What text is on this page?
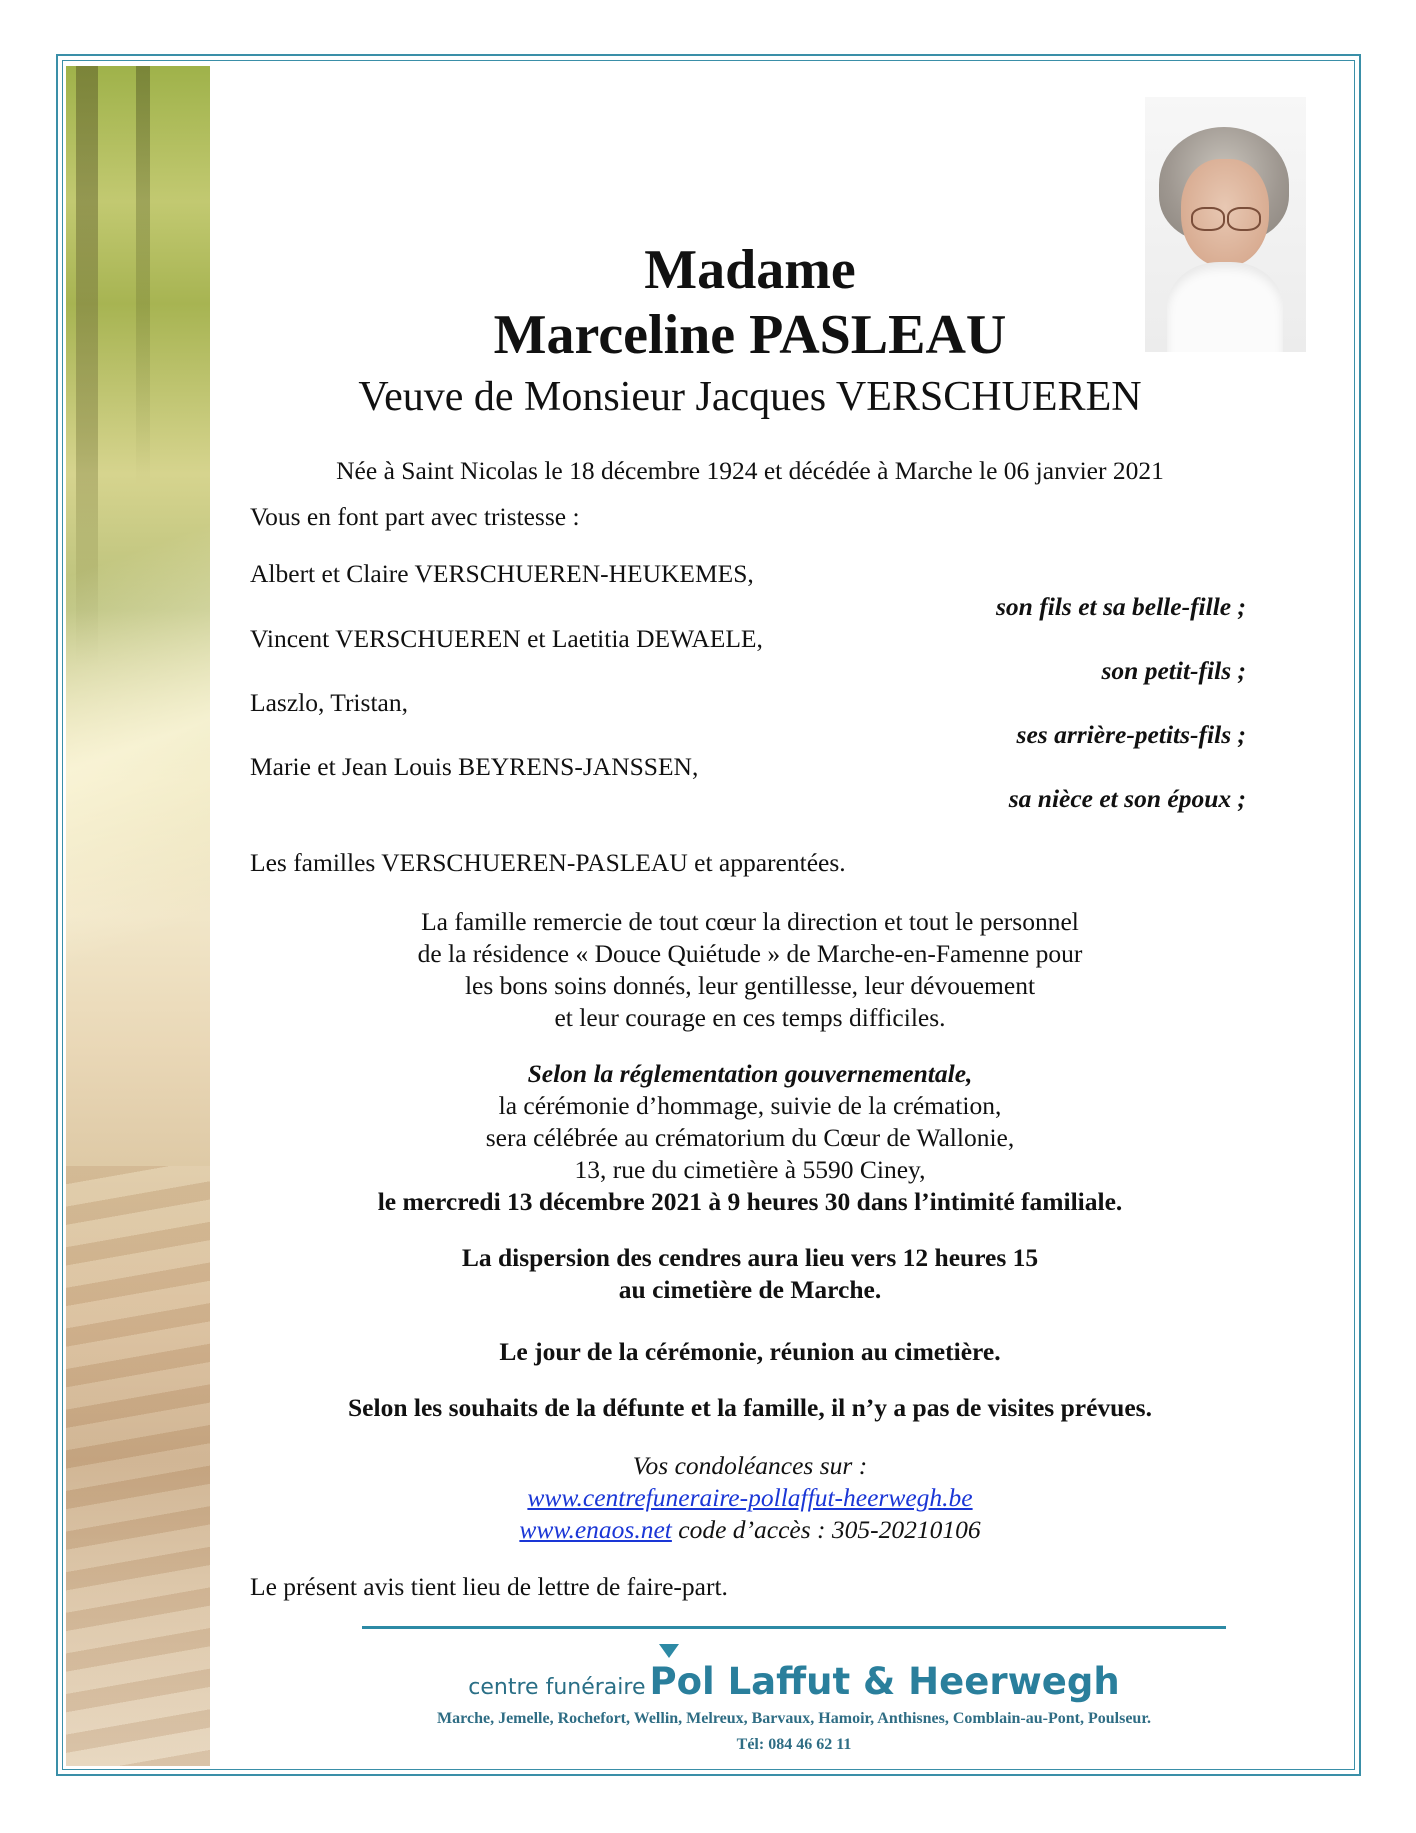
Madame
Marceline PASLEAU
Veuve de Monsieur Jacques VERSCHUEREN
Née à Saint Nicolas le 18 décembre 1924 et décédée à Marche le 06 janvier 2021
Vous en font part avec tristesse :
Albert et Claire VERSCHUEREN-HEUKEMES,
son fils et sa belle-fille ;
Vincent VERSCHUEREN et Laetitia DEWAELE,
son petit-fils ;
Laszlo, Tristan,
ses arrière-petits-fils ;
Marie et Jean Louis BEYRENS-JANSSEN,
sa nièce et son époux ;
Les familles VERSCHUEREN-PASLEAU et apparentées.
La famille remercie de tout cœur la direction et tout le personnel
de la résidence « Douce Quiétude » de Marche-en-Famenne pour
les bons soins donnés, leur gentillesse, leur dévouement
et leur courage en ces temps difficiles.
Selon la réglementation gouvernementale,
la cérémonie d’hommage, suivie de la crémation,
sera célébrée au crématorium du Cœur de Wallonie,
13, rue du cimetière à 5590 Ciney,
le mercredi 13 décembre 2021 à 9 heures 30 dans l’intimité familiale.
La dispersion des cendres aura lieu vers 12 heures 15
au cimetière de Marche.
Le jour de la cérémonie, réunion au cimetière.
Selon les souhaits de la défunte et la famille, il n’y a pas de visites prévues.
Vos condoléances sur :
www.centrefuneraire-pollaffut-heerwegh.be
www.enaos.net code d’accès : 305-20210106
Le présent avis tient lieu de lettre de faire-part.
centre funéraire Pol Laffut & Heerwegh
Marche, Jemelle, Rochefort, Wellin, Melreux, Barvaux, Hamoir, Anthisnes, Comblain-au-Pont, Poulseur.
Tél: 084 46 62 11
